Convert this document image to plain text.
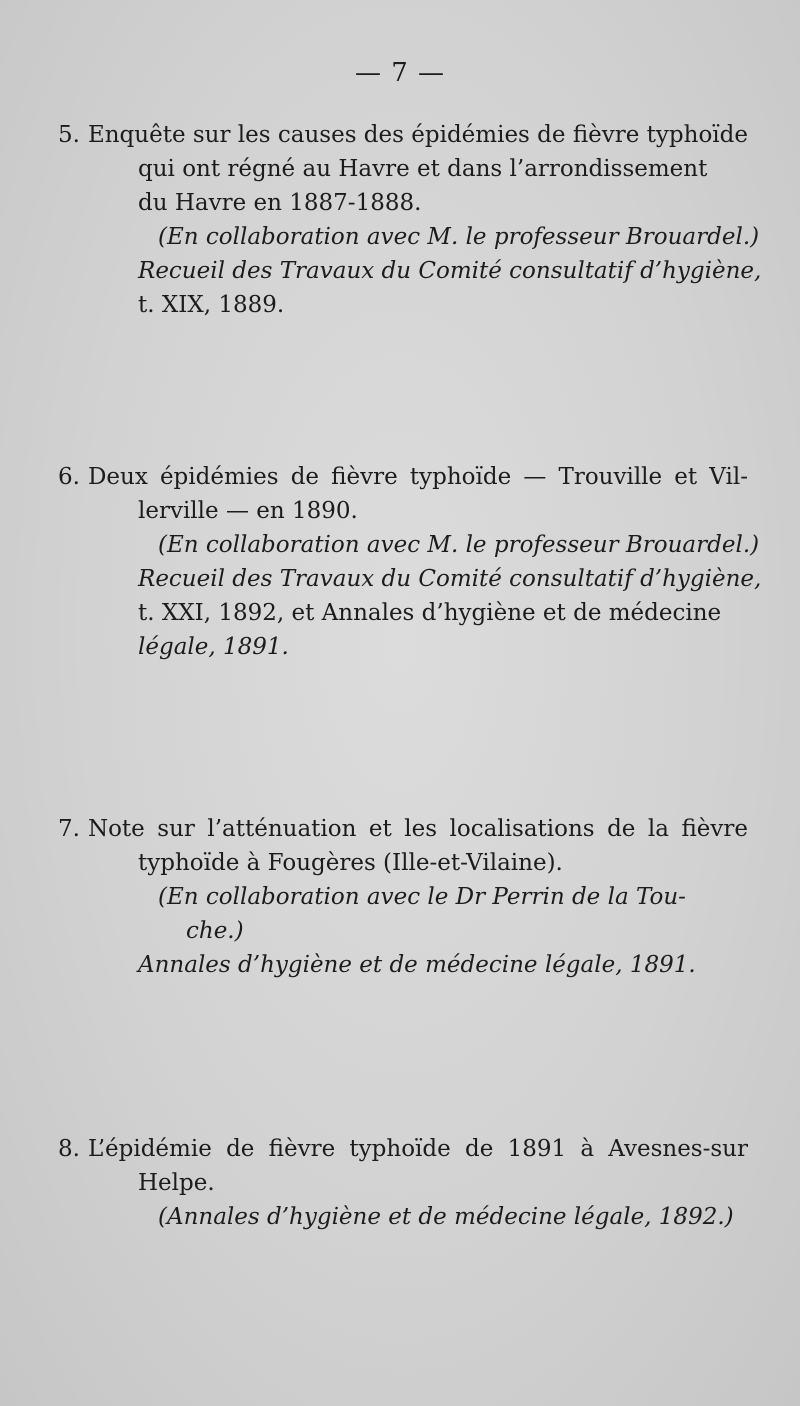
— 7 —
5. Enquête sur les causes des épidémies de fièvre typhoïde
qui ont régné au Havre et dans l’arrondissement
du Havre en 1887-1888.
(En collaboration avec M. le professeur Brouardel.)
Recueil des Travaux du Comité consultatif d’hygiène,
t. XIX, 1889.
6. Deux épidémies de fièvre typhoïde — Trouville et Vil-
lerville — en 1890.
(En collaboration avec M. le professeur Brouardel.)
Recueil des Travaux du Comité consultatif d’hygiène,
t. XXI, 1892, et Annales d’hygiène et de médecine
légale, 1891.
7. Note sur l’atténuation et les localisations de la fièvre
typhoïde à Fougères (Ille-et-Vilaine).
(En collaboration avec le Dr Perrin de la Tou-
che.)
Annales d’hygiène et de médecine légale, 1891.
8. L’épidémie de fièvre typhoïde de 1891 à Avesnes-sur
Helpe.
(Annales d’hygiène et de médecine légale, 1892.)
